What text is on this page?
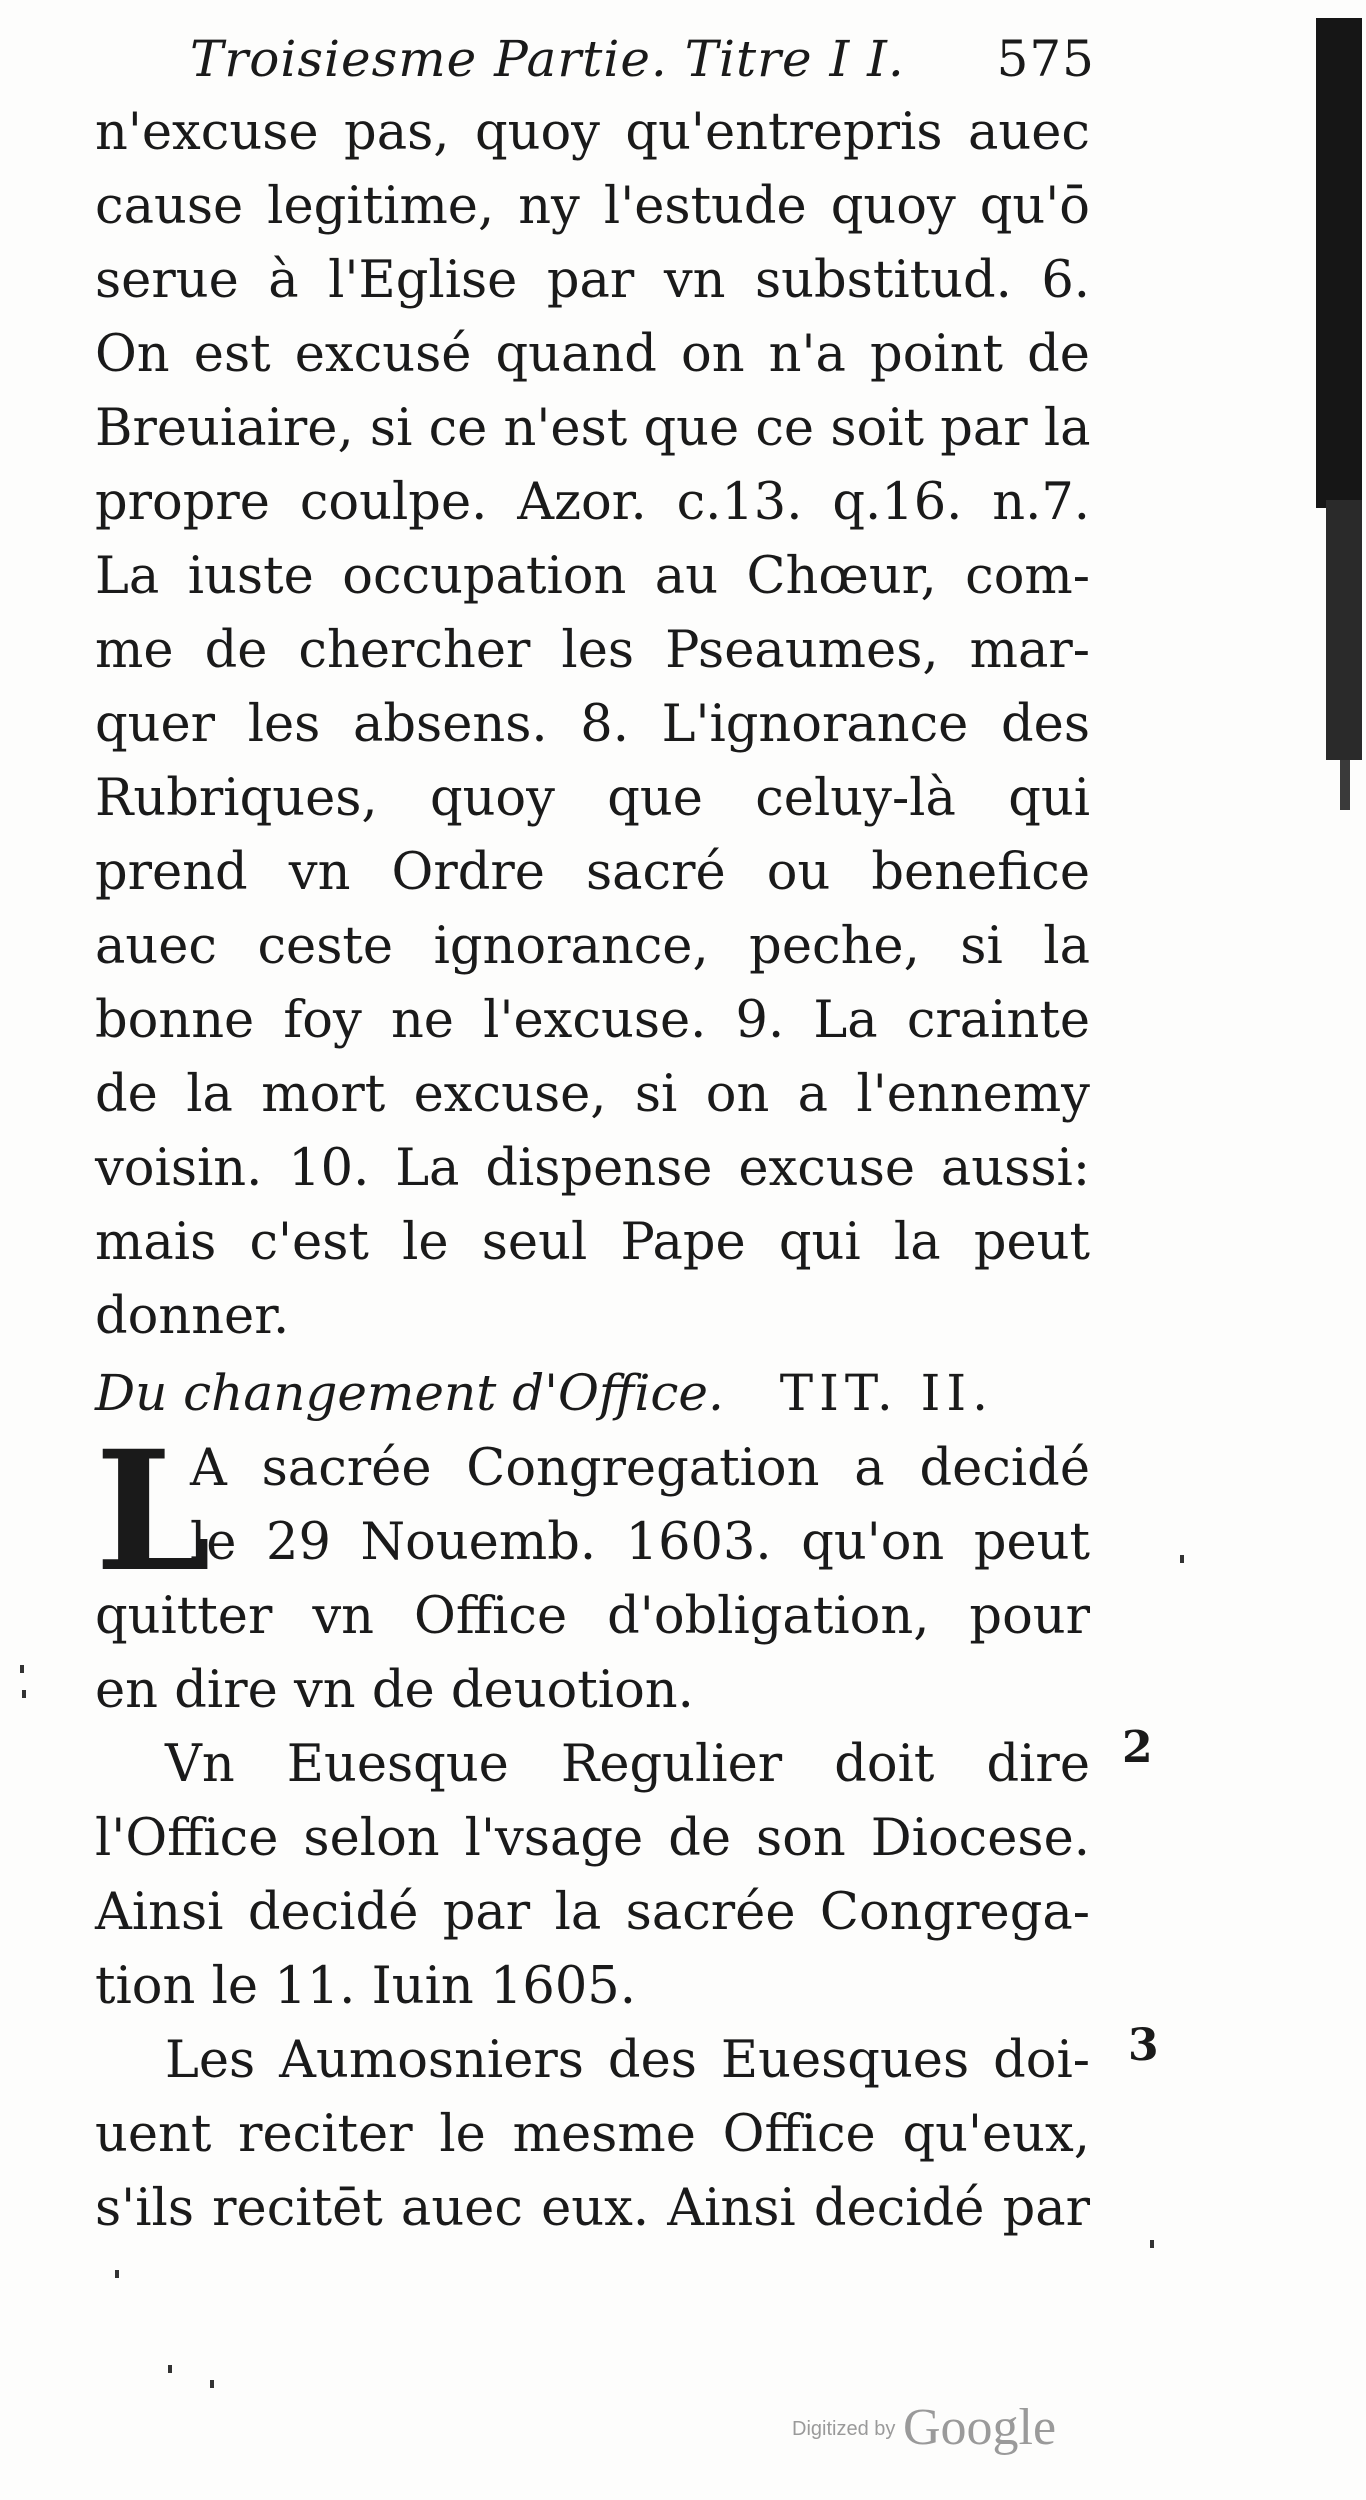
Troisiesme Partie. Titre I I. 575
n'excuse pas, quoy qu'entrepris auec
cause legitime, ny l'estude quoy qu'ō
serue à l'Eglise par vn substitud. 6.
On est excusé quand on n'a point de
Breuiaire, si ce n'est que ce soit par la
propre coulpe. Azor. c.13. q.16. n.7.
La iuste occupation au Chœur, com-
me de chercher les Pseaumes, mar-
quer les absens. 8. L'ignorance des
Rubriques, quoy que celuy-là qui
prend vn Ordre sacré ou benefice
auec ceste ignorance, peche, si la
bonne foy ne l'excuse. 9. La crainte
de la mort excuse, si on a l'ennemy
voisin. 10. La dispense excuse aussi:
mais c'est le seul Pape qui la peut
donner.
Du changement d'Office. TIT. II.
L
A sacrée Congregation a decidé
le 29 Nouemb. 1603. qu'on peut
quitter vn Office d'obligation, pour
en dire vn de deuotion.
Vn Euesque Regulier doit dire
l'Office selon l'vsage de son Diocese.
Ainsi decidé par la sacrée Congrega-
tion le 11. Iuin 1605.
Les Aumosniers des Euesques doi-
uent reciter le mesme Office qu'eux,
s'ils recitēt auec eux. Ainsi decidé par
2
3
Digitized by Google
